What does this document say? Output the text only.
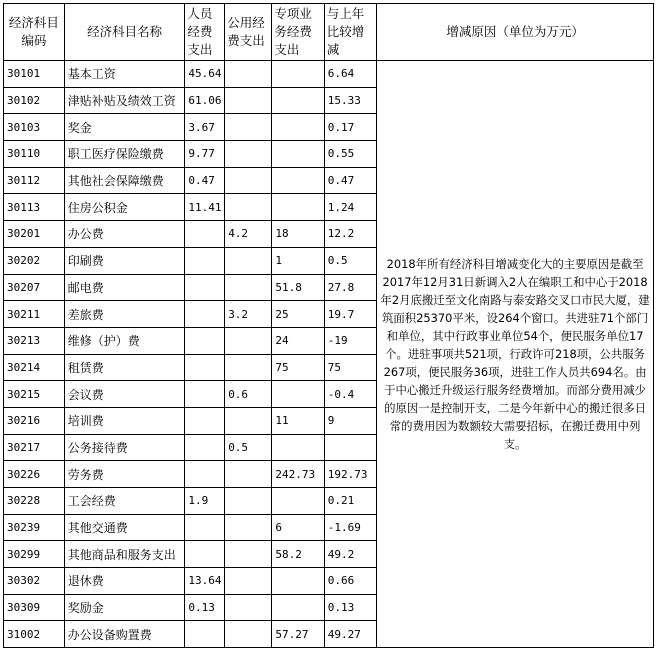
经济科目编码	经济科目名称	人员经费支出	公用经费支出	专项业务经费支出	与上年比较增减	增减原因（单位为万元）
30101	基本工资	45.64			6.64	2018年所有经济科目增减变化大的主要原因是截至2017年12月31日新调入2人在编职工和中心于2018年2月底搬迁至文化南路与泰安路交叉口市民大厦，建筑面积25370平米，设264个窗口。共进驻71个部门和单位，其中行政事业单位54个，便民服务单位17个。进驻事项共521项，行政许可218项，公共服务267项，便民服务36项，进驻工作人员共694名。由于中心搬迁升级运行服务经费增加。而部分费用减少的原因一是控制开支，二是今年新中心的搬迁很多日常的费用因为数额较大需要招标，在搬迁费用中列支。
30102	津贴补贴及绩效工资	61.06			15.33	
30103	奖金	3.67			0.17	
30110	职工医疗保险缴费	9.77			0.55	
30112	其他社会保障缴费	0.47			0.47	
30113	住房公积金	11.41			1.24	
30201	办公费		4.2	18	12.2	
30202	印刷费			1	0.5	
30207	邮电费			51.8	27.8	
30211	差旅费		3.2	25	19.7	
30213	维修（护）费			24	-19	
30214	租赁费			75	75	
30215	会议费		0.6		-0.4	
30216	培训费			11	9	
30217	公务接待费		0.5			
30226	劳务费			242.73	192.73	
30228	工会经费	1.9			0.21	
30239	其他交通费			6	-1.69	
30299	其他商品和服务支出			58.2	49.2	
30302	退休费	13.64			0.66	
30309	奖励金	0.13			0.13	
31002	办公设备购置费			57.27	49.27	
